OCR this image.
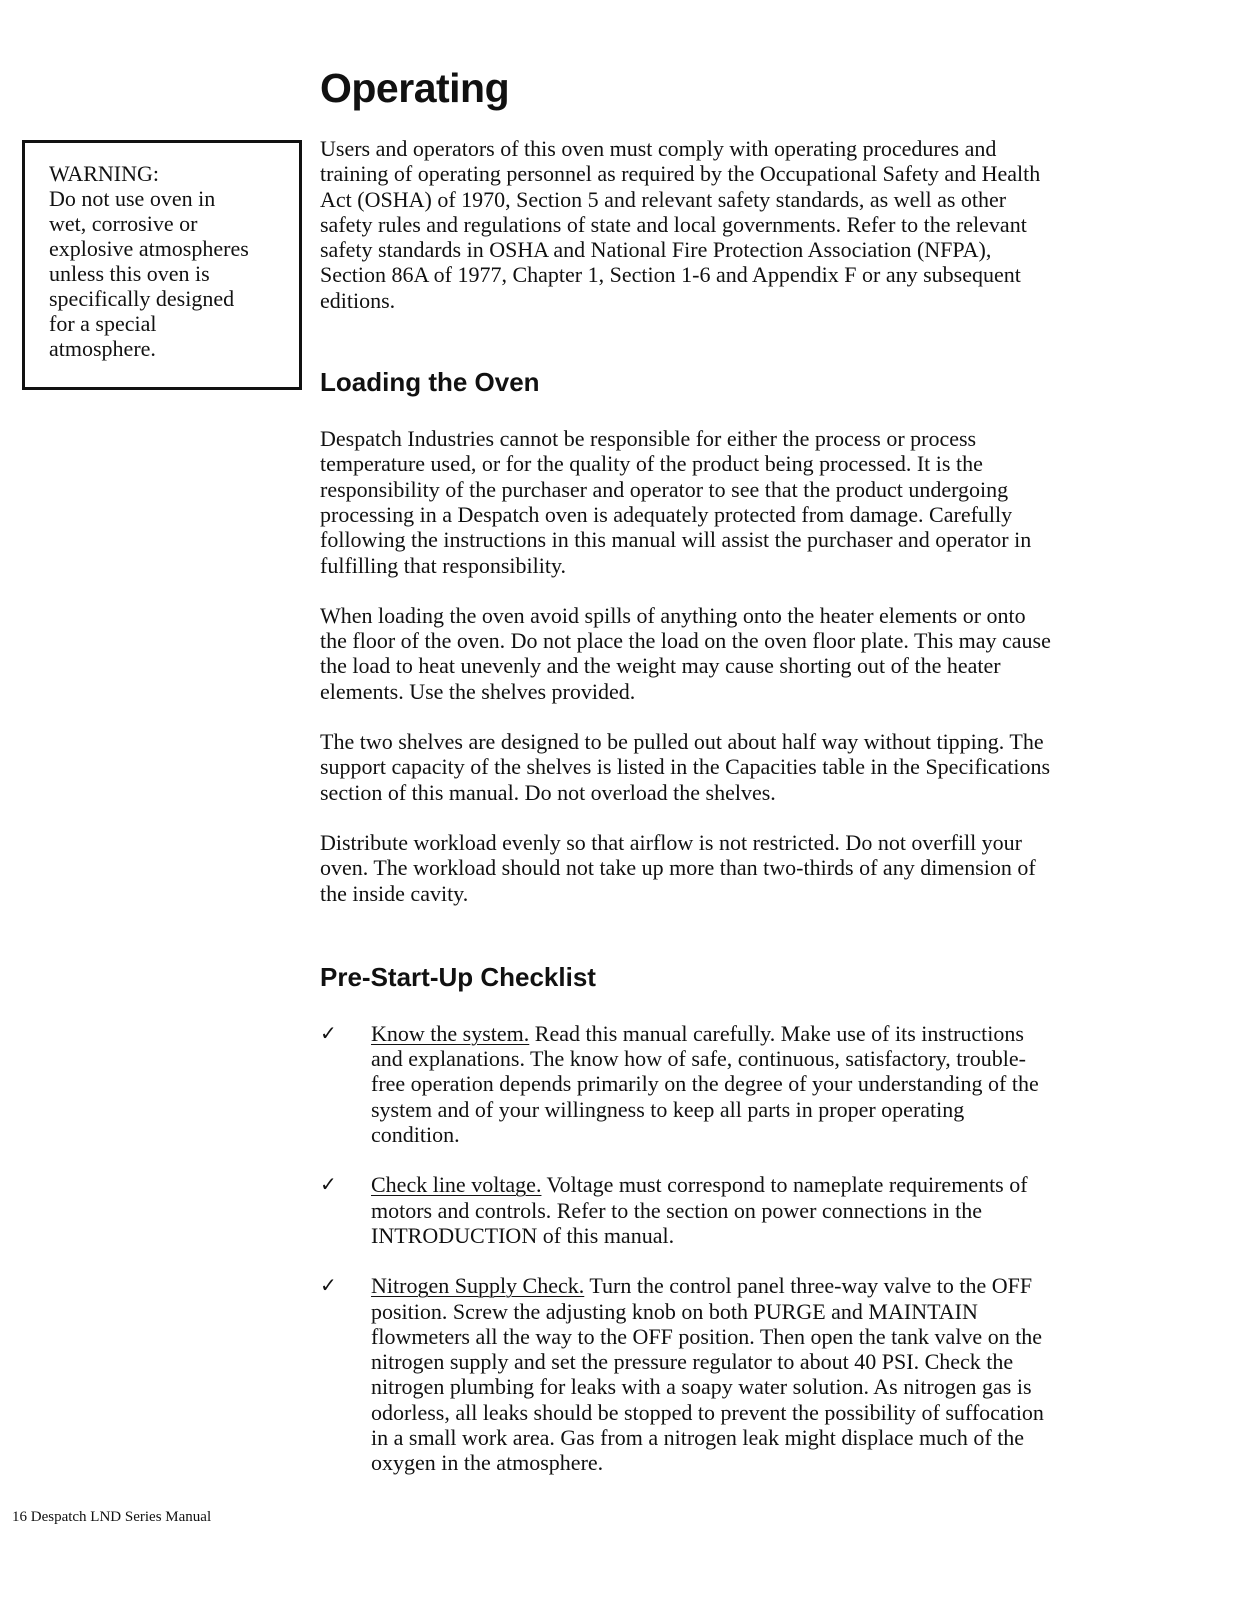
Operating
WARNING:
Do not use oven in
wet, corrosive or
explosive atmospheres
unless this oven is
specifically designed
for a special
atmosphere.

Users and operators of this oven must comply with operating procedures and training of operating personnel as required by the Occupational Safety and Health Act (OSHA) of 1970, Section 5 and relevant safety standards, as well as other safety rules and regulations of state and local governments. Refer to the relevant safety standards in OSHA and National Fire Protection Association (NFPA), Section 86A of 1977, Chapter 1, Section 1-6 and Appendix F or any subsequent editions.

Loading the Oven

Despatch Industries cannot be responsible for either the process or process temperature used, or for the quality of the product being processed. It is the responsibility of the purchaser and operator to see that the product undergoing processing in a Despatch oven is adequately protected from damage. Carefully following the instructions in this manual will assist the purchaser and operator in fulfilling that responsibility.

When loading the oven avoid spills of anything onto the heater elements or onto the floor of the oven. Do not place the load on the oven floor plate. This may cause the load to heat unevenly and the weight may cause shorting out of the heater elements. Use the shelves provided.

The two shelves are designed to be pulled out about half way without tipping. The support capacity of the shelves is listed in the Capacities table in the Specifications section of this manual. Do not overload the shelves.

Distribute workload evenly so that airflow is not restricted. Do not overfill your oven. The workload should not take up more than two-thirds of any dimension of the inside cavity.

Pre-Start-Up Checklist
✓ Know the system. Read this manual carefully. Make use of its instructions and explanations. The know how of safe, continuous, satisfactory, trouble-free operation depends primarily on the degree of your understanding of the system and of your willingness to keep all parts in proper operating condition.
✓ Check line voltage. Voltage must correspond to nameplate requirements of motors and controls. Refer to the section on power connections in the INTRODUCTION of this manual.
✓ Nitrogen Supply Check. Turn the control panel three-way valve to the OFF position. Screw the adjusting knob on both PURGE and MAINTAIN flowmeters all the way to the OFF position. Then open the tank valve on the nitrogen supply and set the pressure regulator to about 40 PSI. Check the nitrogen plumbing for leaks with a soapy water solution. As nitrogen gas is odorless, all leaks should be stopped to prevent the possibility of suffocation in a small work area. Gas from a nitrogen leak might displace much of the oxygen in the atmosphere.
16 Despatch LND Series Manual
